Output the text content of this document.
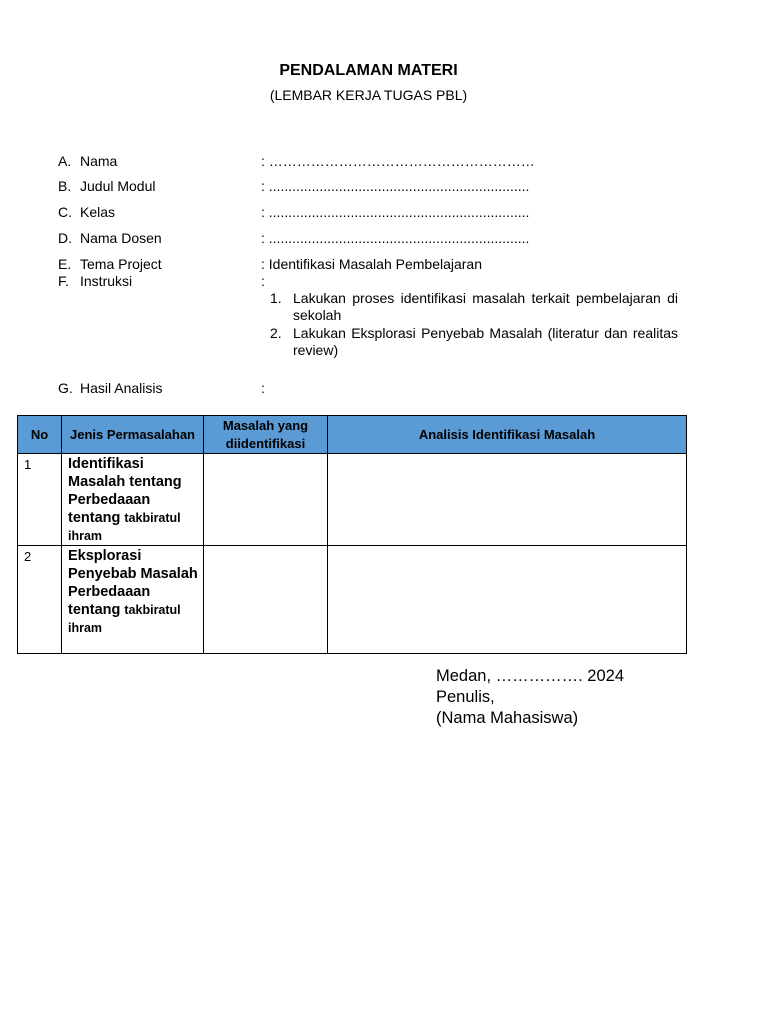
PENDALAMAN MATERI
(LEMBAR KERJA TUGAS PBL)
A. Nama	: …………………………………………………
B. Judul Modul	: ...................................................................
C. Kelas	: ...................................................................
D. Nama Dosen	: ...................................................................
E. Tema Project	: Identifikasi Masalah Pembelajaran
F. Instruksi	:
1. Lakukan proses identifikasi masalah terkait pembelajaran di sekolah
2. Lakukan Eksplorasi Penyebab Masalah (literatur dan realitas review)
G. Hasil Analisis	:
No	Jenis Permasalahan	Masalah yang diidentifikasi	Analisis Identifikasi Masalah
1	Identifikasi Masalah tentang Perbedaaan tentang takbiratul ihram		
2	Eksplorasi Penyebab Masalah Perbedaaan tentang takbiratul ihram		
Medan, ……………. 2024
Penulis,
(Nama Mahasiswa)
